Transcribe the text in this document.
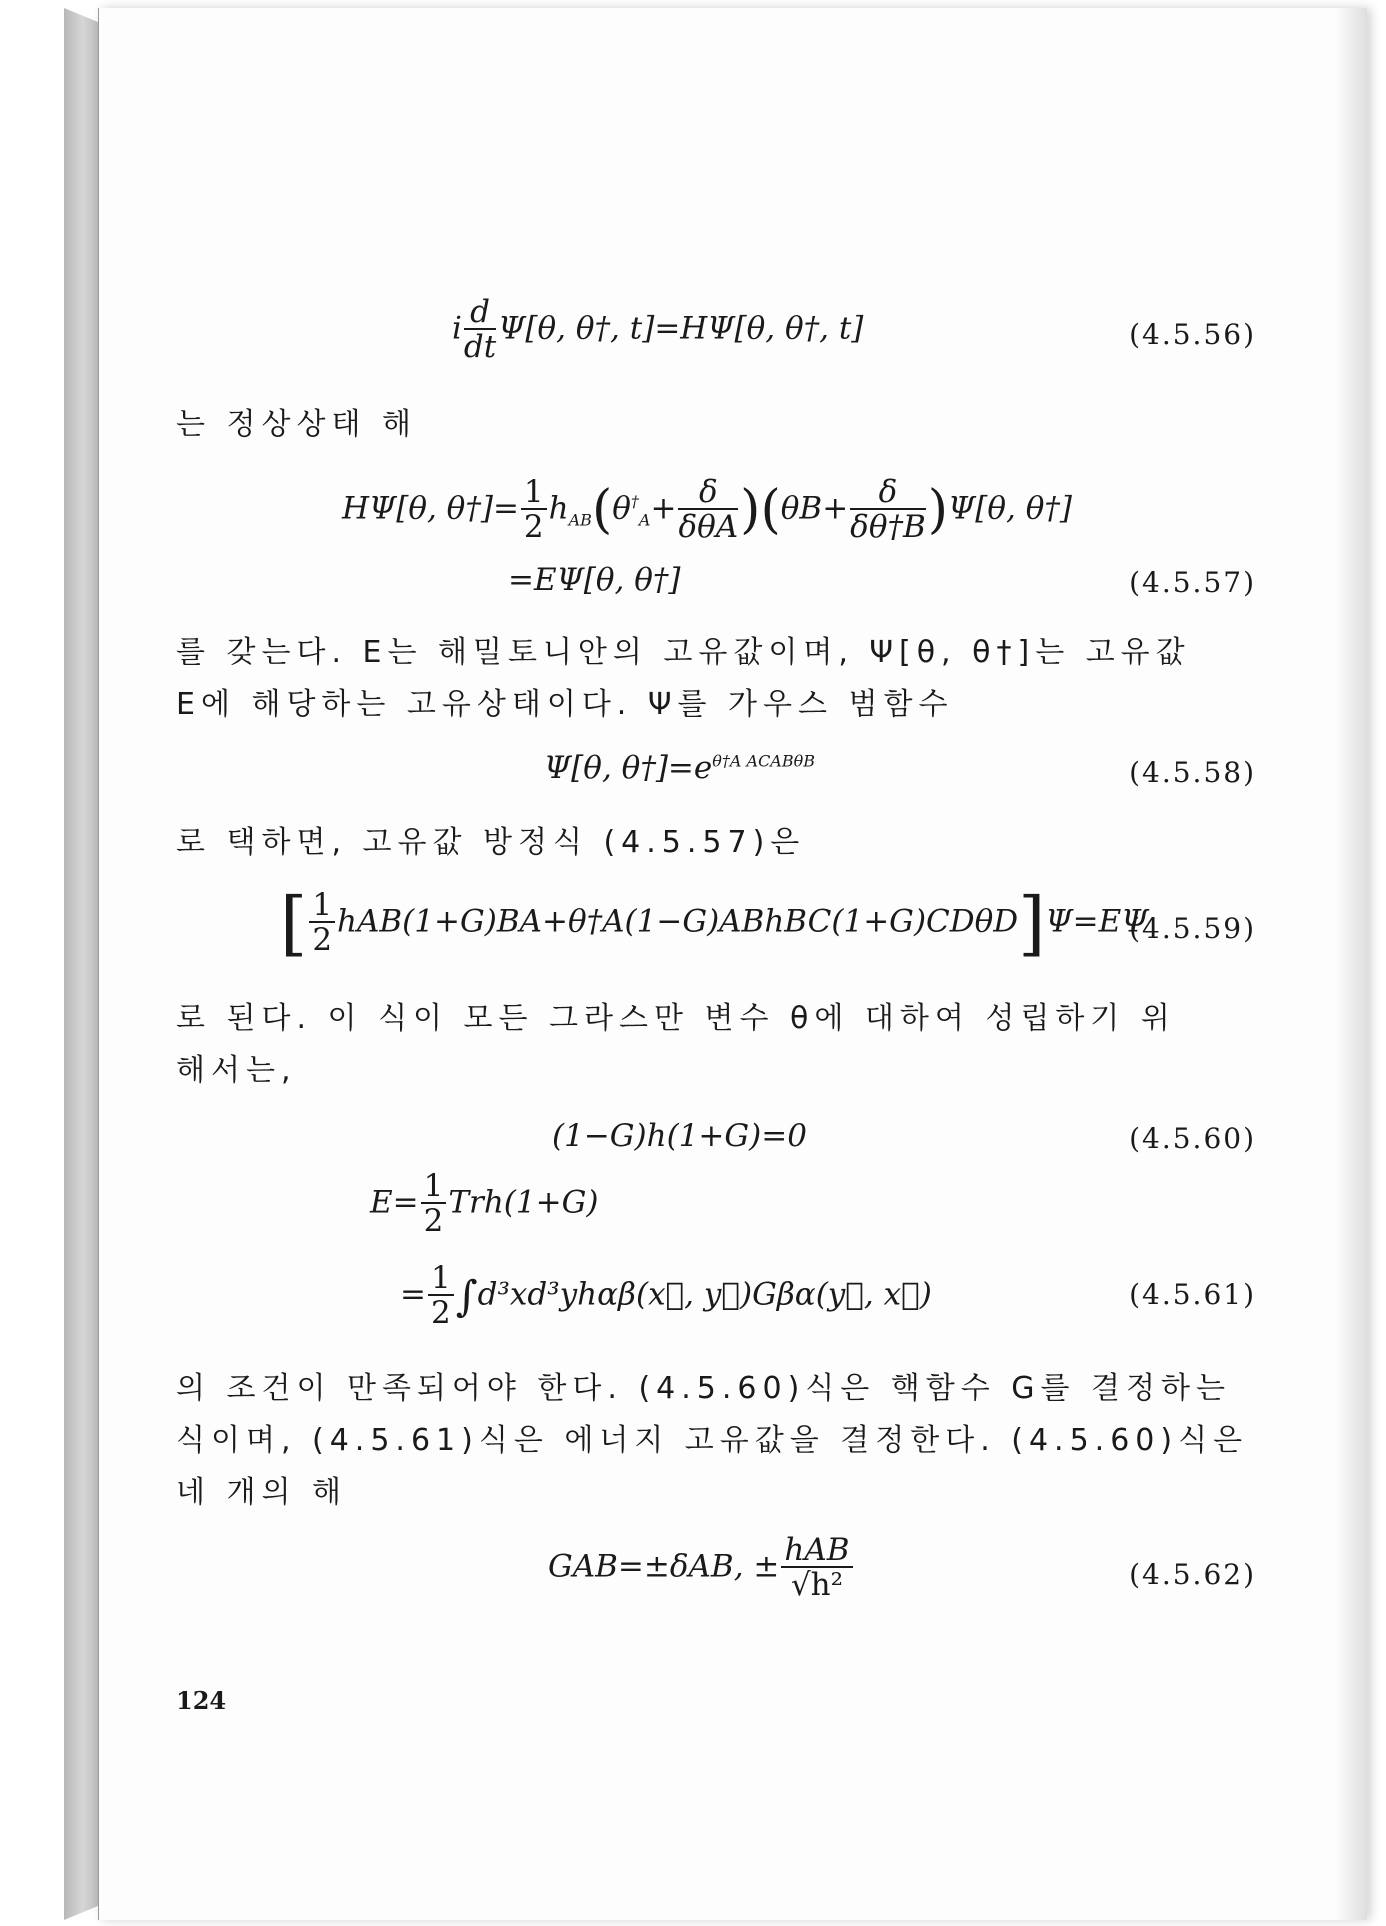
i $\frac{d}{dt} \Psi[\theta$, θ†, t]=HΨ[θ, θ†, t]	(4.5.56)
는 정상상태 해
HΨ[θ, θ†]= $\frac{1}{2} h_{AB}(\theta^\dagger_A+ \frac{\delta}{\text{δθA}} )(\theta B+ \frac{\delta}{\delta\theta\dagger B} )\Psi[\theta$, θ†]
=EΨ[θ, θ†]	(4.5.57)
를 갖는다. E는 해밀토니안의 고유값이며, Ψ[θ, θ†]는 고유값
E에 해당하는 고유상태이다. Ψ를 가우스 범함수
Ψ[θ, $\theta\dagger]=e^{\theta\dagger A ACAB\theta B}$	(4.5.58)
로 택하면, 고유값 방정식 (4.5.57)은
[ $\frac{1}{2}$ hAB(1+G)BA+θ†A(1−G)ABhBC(1+G)CDθD]Ψ=EΨ
(4.5.59)
로 된다. 이 식이 모든 그라스만 변수 θ에 대하여 성립하기 위
해서는,
(1−G)h(1+G)=0	(4.5.60)
$E= \frac{1}{2} Trh(1+G)$
= $\frac{1}{2}$ ∫d³xd³yhαβ(x⃗, y⃗)Gβα(y⃗, x⃗)	(4.5.61)
의 조건이 만족되어야 한다. (4.5.60)식은 핵함수 G를 결정하는
식이며, (4.5.61)식은 에너지 고유값을 결정한다. (4.5.60)식은
네 개의 해
GAB=±δAB, ± $\frac{\text{hAB}}{\text{√h²}}$	(4.5.62)
124
